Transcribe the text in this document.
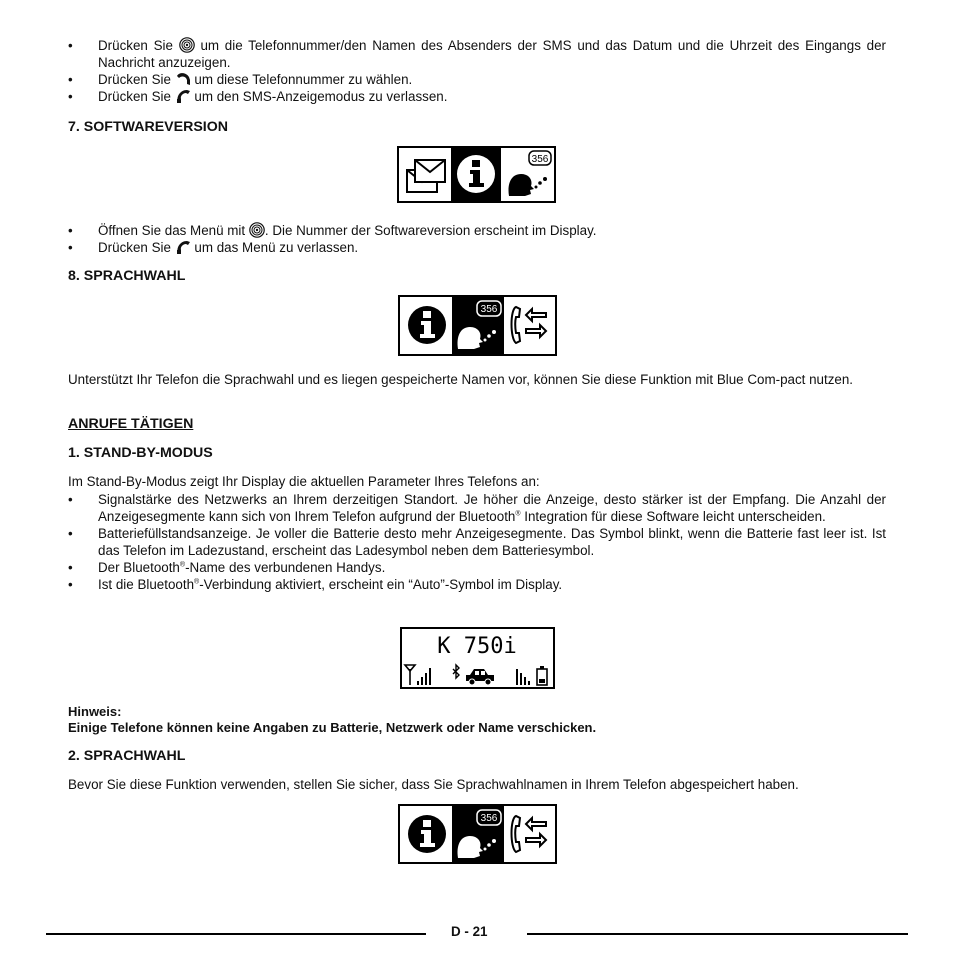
• Drücken Sie um die Telefonnummer/den Namen des Absenders der SMS und das Datum und die Uhrzeit des Eingangs der Nachricht anzuzeigen.
• Drücken Sie um diese Telefonnummer zu wählen.
• Drücken Sie um den SMS-Anzeigemodus zu verlassen.
7. SOFTWAREVERSION
356
• Öffnen Sie das Menü mit . Die Nummer der Softwareversion erscheint im Display.
• Drücken Sie um das Menü zu verlassen.
8. SPRACHWAHL
356
Unterstützt Ihr Telefon die Sprachwahl und es liegen gespeicherte Namen vor, können Sie diese Funktion mit Blue Com-pact nutzen.
ANRUFE TÄTIGEN
1. STAND-BY-MODUS
Im Stand-By-Modus zeigt Ihr Display die aktuellen Parameter Ihres Telefons an:
• Signalstärke des Netzwerks an Ihrem derzeitigen Standort. Je höher die Anzeige, desto stärker ist der Empfang. Die Anzahl der Anzeigesegmente kann sich von Ihrem Telefon aufgrund der Bluetooth® Integration für diese Software leicht unterscheiden.
• Batteriefüllstandsanzeige. Je voller die Batterie desto mehr Anzeigesegmente. Das Symbol blinkt, wenn die Batterie fast leer ist. Ist das Telefon im Ladezustand, erscheint das Ladesymbol neben dem Batteriesymbol.
• Der Bluetooth®-Name des verbundenen Handys.
• Ist die Bluetooth®-Verbindung aktiviert, erscheint ein “Auto”-Symbol im Display.
K 750i
Hinweis:
Einige Telefone können keine Angaben zu Batterie, Netzwerk oder Name verschicken.
2. SPRACHWAHL
Bevor Sie diese Funktion verwenden, stellen Sie sicher, dass Sie Sprachwahlnamen in Ihrem Telefon abgespeichert haben.
356
D - 21
